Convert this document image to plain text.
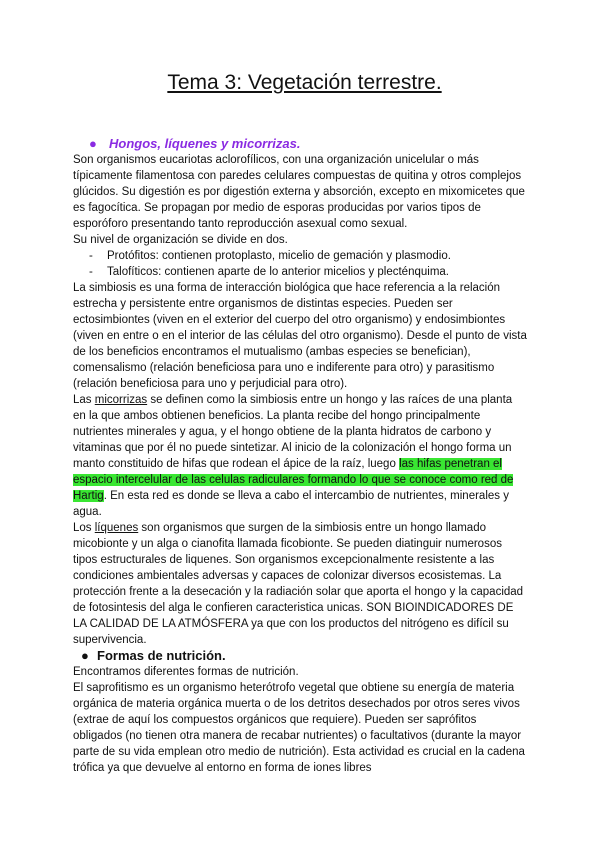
Tema 3: Vegetación terrestre.
● Hongos, líquenes y micorrizas.

Son organismos eucariotas aclorofílicos, con una organización unicelular o más típicamente filamentosa con paredes celulares compuestas de quitina y otros complejos glúcidos. Su digestión es por digestión externa y absorción, excepto en mixomicetes que es fagocítica. Se propagan por medio de esporas producidas por varios tipos de esporóforo presentando tanto reproducción asexual como sexual.

Su nivel de organización se divide en dos.

- Protófitos: contienen protoplasto, micelio de gemación y plasmodio.
- Talofíticos: contienen aparte de lo anterior micelios y plecténquima.

La simbiosis es una forma de interacción biológica que hace referencia a la relación estrecha y persistente entre organismos de distintas especies. Pueden ser ectosimbiontes (viven en el exterior del cuerpo del otro organismo) y endosimbiontes (viven en entre o en el interior de las células del otro organismo). Desde el punto de vista de los beneficios encontramos el mutualismo (ambas especies se benefician), comensalismo (relación beneficiosa para uno e indiferente para otro) y parasitismo (relación beneficiosa para uno y perjudicial para otro).

Las micorrizas se definen como la simbiosis entre un hongo y las raíces de una planta en la que ambos obtienen beneficios. La planta recibe del hongo principalmente nutrientes minerales y agua, y el hongo obtiene de la planta hidratos de carbono y vitaminas que por él no puede sintetizar. Al inicio de la colonización el hongo forma un manto constituido de hifas que rodean el ápice de la raíz, luego las hifas penetran el espacio intercelular de las celulas radiculares formando lo que se conoce como red de Hartig. En esta red es donde se lleva a cabo el intercambio de nutrientes, minerales y agua.

Los líquenes son organismos que surgen de la simbiosis entre un hongo llamado micobionte y un alga o cianofita llamada ficobionte. Se pueden diatinguir numerosos tipos estructurales de liquenes. Son organismos excepcionalmente resistente a las condiciones ambientales adversas y capaces de colonizar diversos ecosistemas. La protección frente a la desecación y la radiación solar que aporta el hongo y la capacidad de fotosintesis del alga le confieren caracteristica unicas. SON BIOINDICADORES DE LA CALIDAD DE LA ATMÓSFERA ya que con los productos del nitrógeno es difícil su supervivencia.

● Formas de nutrición.

Encontramos diferentes formas de nutrición.

El saprofitismo es un organismo heterótrofo vegetal que obtiene su energía de materia orgánica de materia orgánica muerta o de los detritos desechados por otros seres vivos (extrae de aquí los compuestos orgánicos que requiere). Pueden ser saprófitos obligados (no tienen otra manera de recabar nutrientes) o facultativos (durante la mayor parte de su vida emplean otro medio de nutrición). Esta actividad es crucial en la cadena trófica ya que devuelve al entorno en forma de iones libres
